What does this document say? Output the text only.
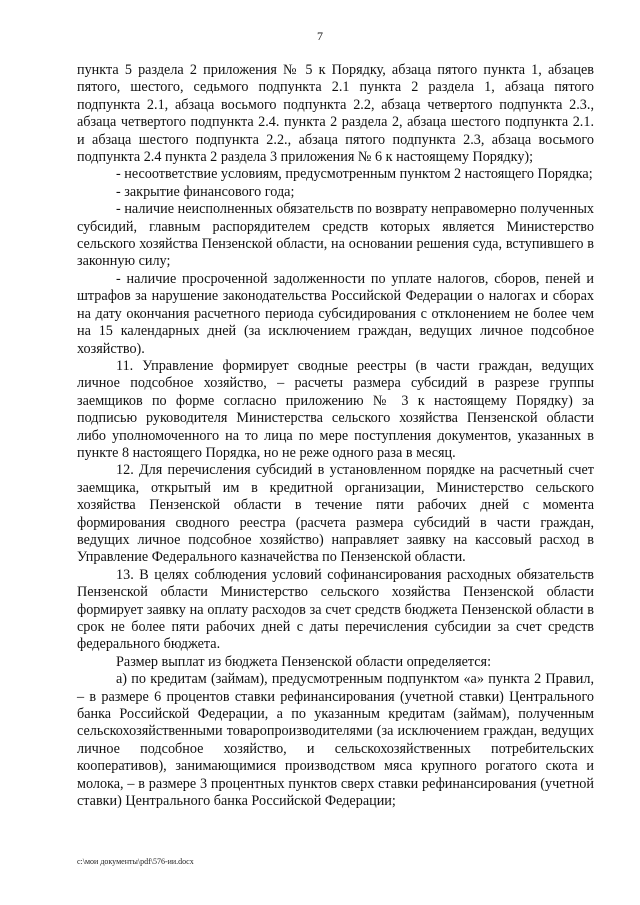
7

пункта 5 раздела 2 приложения № 5 к Порядку, абзаца пятого пункта 1, абзацев пятого, шестого, седьмого подпункта 2.1 пункта 2 раздела 1, абзаца пятого подпункта 2.1, абзаца восьмого подпункта 2.2, абзаца четвертого подпункта 2.3., абзаца четвертого подпункта 2.4. пункта 2 раздела 2, абзаца шестого подпункта 2.1. и абзаца шестого подпункта 2.2., абзаца пятого подпункта 2.3, абзаца восьмого подпункта 2.4 пункта 2 раздела 3 приложения № 6 к настоящему Порядку);

- несоответствие условиям, предусмотренным пунктом 2 настоящего Порядка;

- закрытие финансового года;

- наличие неисполненных обязательств по возврату неправомерно полученных субсидий, главным распорядителем средств которых является Министерство сельского хозяйства Пензенской области, на основании решения суда, вступившего в законную силу;

- наличие просроченной задолженности по уплате налогов, сборов, пеней и штрафов за нарушение законодательства Российской Федерации о налогах и сборах на дату окончания расчетного периода субсидирования с отклонением не более чем на 15 календарных дней (за исключением граждан, ведущих личное подсобное хозяйство).

11. Управление формирует сводные реестры (в части граждан, ведущих личное подсобное хозяйство, – расчеты размера субсидий в разрезе группы заемщиков по форме согласно приложению № 3 к настоящему Порядку) за подписью руководителя Министерства сельского хозяйства Пензенской области либо уполномоченного на то лица по мере поступления документов, указанных в пункте 8 настоящего Порядка, но не реже одного раза в месяц.

12. Для перечисления субсидий в установленном порядке на расчетный счет заемщика, открытый им в кредитной организации, Министерство сельского хозяйства Пензенской области в течение пяти рабочих дней с момента формирования сводного реестра (расчета размера субсидий в части граждан, ведущих личное подсобное хозяйство) направляет заявку на кассовый расход в Управление Федерального казначейства по Пензенской области.

13. В целях соблюдения условий софинансирования расходных обязательств Пензенской области Министерство сельского хозяйства Пензенской области формирует заявку на оплату расходов за счет средств бюджета Пензенской области в срок не более пяти рабочих дней с даты перечисления субсидии за счет средств федерального бюджета.

Размер выплат из бюджета Пензенской области определяется:

а) по кредитам (займам), предусмотренным подпунктом «а» пункта 2 Правил, – в размере 6 процентов ставки рефинансирования (учетной ставки) Центрального банка Российской Федерации, а по указанным кредитам (займам), полученным сельскохозяйственными товаропроизводителями (за исключением граждан, ведущих личное подсобное хозяйство, и сельскохозяйственных потребительских кооперативов), занимающимися производством мяса крупного рогатого скота и молока, – в размере 3 процентных пунктов сверх ставки рефинансирования (учетной ставки) Центрального банка Российской Федерации;

c:\мои документы\pdf\576-ии.docx
